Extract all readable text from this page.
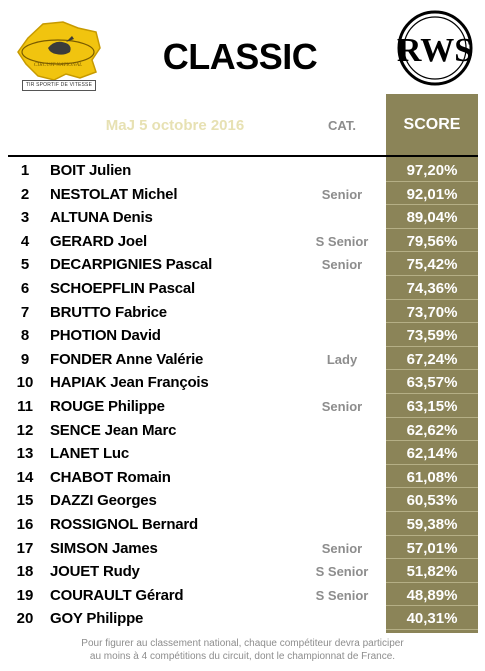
CIRCUIT NATIONAL
TIR SPORTIF DE VITESSE
CLASSIC	RWS
MaJ 5 octobre 2016	CAT.	SCORE
1	BOIT Julien	97,20%
2	NESTOLAT Michel	Senior	92,01%
3	ALTUNA Denis	89,04%
4	GERARD Joel	S Senior	79,56%
5	DECARPIGNIES Pascal	Senior	75,42%
6	SCHOEPFLIN Pascal	74,36%
7	BRUTTO Fabrice	73,70%
8	PHOTION David	73,59%
9	FONDER Anne Valérie	Lady	67,24%
10	HAPIAK Jean François	63,57%
11	ROUGE Philippe	Senior	63,15%
12	SENCE Jean Marc	62,62%
13	LANET Luc	62,14%
14	CHABOT Romain	61,08%
15	DAZZI Georges	60,53%
16	ROSSIGNOL Bernard	59,38%
17	SIMSON James	Senior	57,01%
18	JOUET Rudy	S Senior	51,82%
19	COURAULT Gérard	S Senior	48,89%
20	GOY Philippe	40,31%
Pour figurer au classement national, chaque compétiteur devra participer
au moins à 4 compétitions du circuit, dont le championnat de France.
